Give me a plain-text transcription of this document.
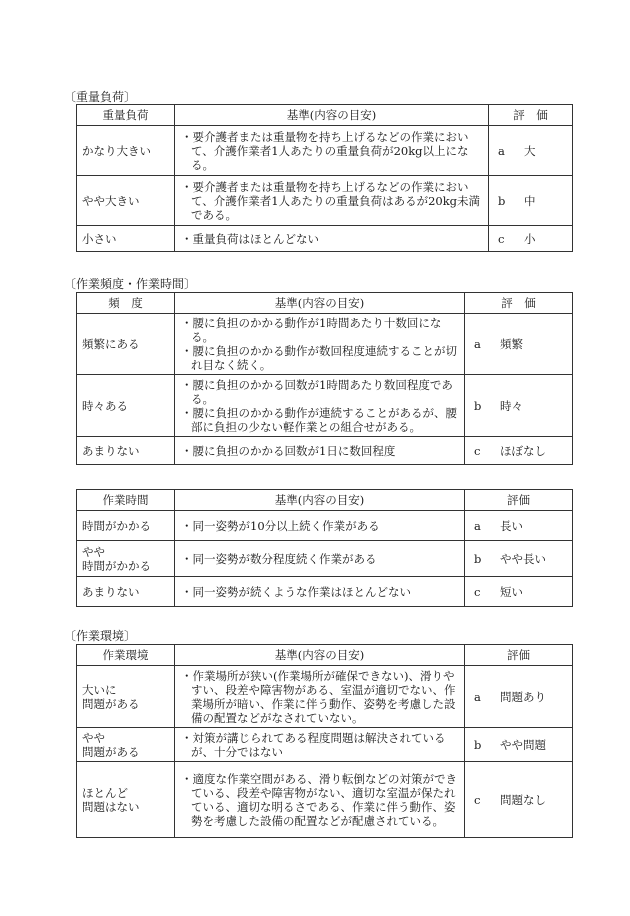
〔重量負荷〕
重量負荷	基準(内容の目安)	評　価
かなり大きい	・要介護者または重量物を持ち上げるなどの作業において、介護作業者1人あたりの重量負荷が20kg以上になる。	a 大

やや大きい	・要介護者または重量物を持ち上げるなどの作業において、介護作業者1人あたりの重量負荷はあるが20kg未満である。	b 中

小さい	・重量負荷はほとんどない	c 小
〔作業頻度・作業時間〕
頻　度	基準(内容の目安)	評　価
頻繁にある	・腰に負担のかかる動作が1時間あたり十数回になる。
・腰に負担のかかる動作が数回程度連続することが切れ目なく続く。	a 頻繁

時々ある	・腰に負担のかかる回数が1時間あたり数回程度である。
・腰に負担のかかる動作が連続することがあるが、腰部に負担の少ない軽作業との組合せがある。	b 時々

あまりない	・腰に負担のかかる回数が1日に数回程度	c ほぼなし
作業時間	基準(内容の目安)	評価
時間がかかる	・同一姿勢が10分以上続く作業がある	a 長い

やや
時間がかかる	・同一姿勢が数分程度続く作業がある	b やや長い

あまりない	・同一姿勢が続くような作業はほとんどない	c 短い
〔作業環境〕
作業環境	基準(内容の目安)	評価
大いに
問題がある	・作業場所が狭い(作業場所が確保できない)、滑りやすい、段差や障害物がある、室温が適切でない、作業場所が暗い、作業に伴う動作、姿勢を考慮した設備の配置などがなされていない。	a 問題あり

やや
問題がある	・対策が講じられてある程度問題は解決されているが、十分ではない	b やや問題

ほとんど
問題はない	・適度な作業空間がある、滑り転倒などの対策ができている、段差や障害物がない、適切な室温が保たれている、適切な明るさである、作業に伴う動作、姿勢を考慮した設備の配置などが配慮されている。	c 問題なし
